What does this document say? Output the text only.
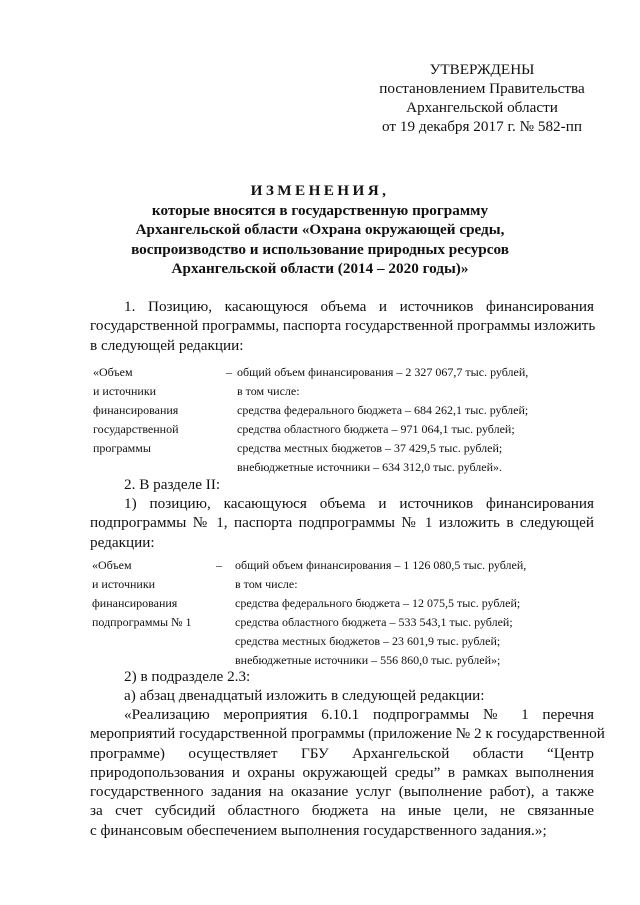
УТВЕРЖДЕНЫ
постановлением Правительства
Архангельской области
от 19 декабря 2017 г. № 582-пп
ИЗМЕНЕНИЯ,
которые вносятся в государственную программу
Архангельской области «Охрана окружающей среды,
воспроизводство и использование природных ресурсов
Архангельской области (2014 – 2020 годы)»
1. Позицию, касающуюся объема и источников финансирования
государственной программы, паспорта государственной программы изложить
в следующей редакции:
«Объем
и источники
финансирования
государственной
программы
– общий объем финансирования – 2 327 067,7 тыс. рублей,
в том числе:
средства федерального бюджета – 684 262,1 тыс. рублей;
средства областного бюджета – 971 064,1 тыс. рублей;
средства местных бюджетов – 37 429,5 тыс. рублей;
внебюджетные источники – 634 312,0 тыс. рублей».
2. В разделе II:
1) позицию, касающуюся объема и источников финансирования
подпрограммы № 1, паспорта подпрограммы № 1 изложить в следующей
редакции:
«Объем
и источники
финансирования
подпрограммы № 1
– общий объем финансирования – 1 126 080,5 тыс. рублей,
в том числе:
средства федерального бюджета – 12 075,5 тыс. рублей;
средства областного бюджета – 533 543,1 тыс. рублей;
средства местных бюджетов – 23 601,9 тыс. рублей;
внебюджетные источники – 556 860,0 тыс. рублей»;
2) в подразделе 2.3:
а) абзац двенадцатый изложить в следующей редакции:
«Реализацию мероприятия 6.10.1 подпрограммы № 1 перечня
мероприятий государственной программы (приложение № 2 к государственной
программе) осуществляет ГБУ Архангельской области “Центр
природопользования и охраны окружающей среды” в рамках выполнения
государственного задания на оказание услуг (выполнение работ), а также
за счет субсидий областного бюджета на иные цели, не связанные
с финансовым обеспечением выполнения государственного задания.»;
